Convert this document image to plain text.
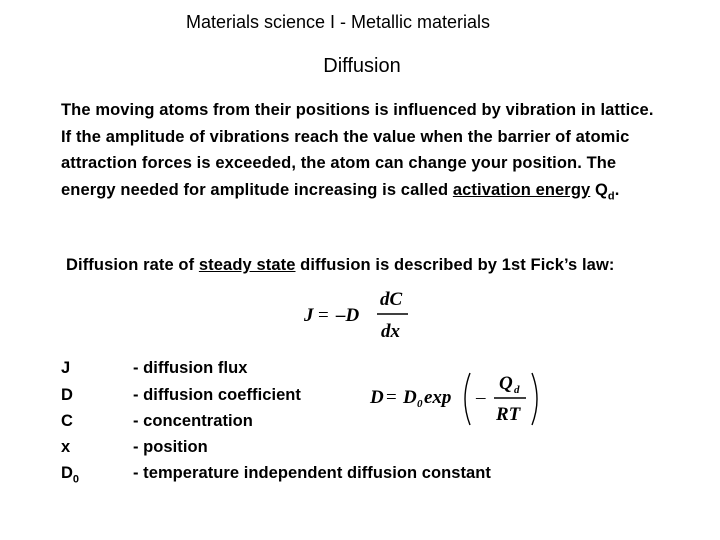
Materials science I - Metallic materials
Diffusion
The moving atoms from their positions is influenced by vibration in lattice. If the amplitude of vibrations reach the value when the barrier of atomic attraction forces is exceeded, the atom can change your position. The energy needed for amplitude increasing is called activation energy $Q_d$.
Diffusion rate of steady state diffusion is described by 1st Fick’s law:
J = –D
dC
dx
D = D 0 exp –
Q d
RT
J	- diffusion flux
D	- diffusion coefficient
C	- concentration
x	- position
$D_0$	- temperature independent diffusion constant
